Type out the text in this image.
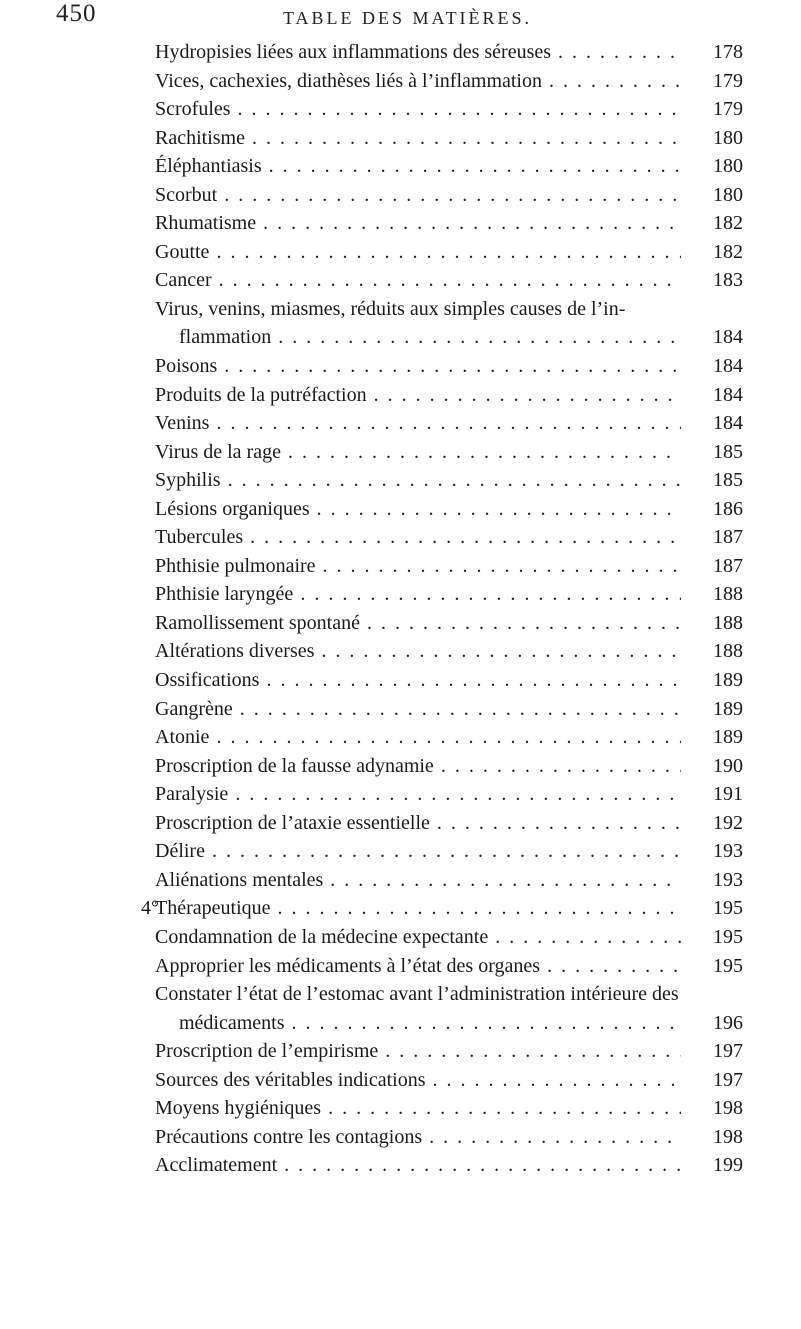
450	TABLE DES MATIÈRES.
Hydropisies liées aux inflammations des séreuses . . .	178
Vices, cachexies, diathèses liés à l’inflammation . . .	179
Scrofules . . .	179
Rachitisme . . .	180
Éléphantiasis . . .	180
Scorbut . . .	180
Rhumatisme . . .	182
Goutte . . .	182
Cancer . . .	183
Virus, venins, miasmes, réduits aux simples causes de l’in-
flammation . . .	184
Poisons . . .	184
Produits de la putréfaction . . .	184
Venins . . .	184
Virus de la rage . . .	185
Syphilis . . .	185
Lésions organiques . . .	186
Tubercules . . .	187
Phthisie pulmonaire . . .	187
Phthisie laryngée . . .	188
Ramollissement spontané . . .	188
Altérations diverses . . .	188
Ossifications . . .	189
Gangrène . . .	189
Atonie . . .	189
Proscription de la fausse adynamie . . .	190
Paralysie . . .	191
Proscription de l’ataxie essentielle . . .	192
Délire . . .	193
Aliénations mentales . . .	193
4°
Thérapeutique . . .	195
Condamnation de la médecine expectante . . .	195
Approprier les médicaments à l’état des organes . . .	195
Constater l’état de l’estomac avant l’administration intérieure des
médicaments . . .	196
Proscription de l’empirisme . . .	197
Sources des véritables indications . . .	197
Moyens hygiéniques . . .	198
Précautions contre les contagions . . .	198
Acclimatement . . .	199
